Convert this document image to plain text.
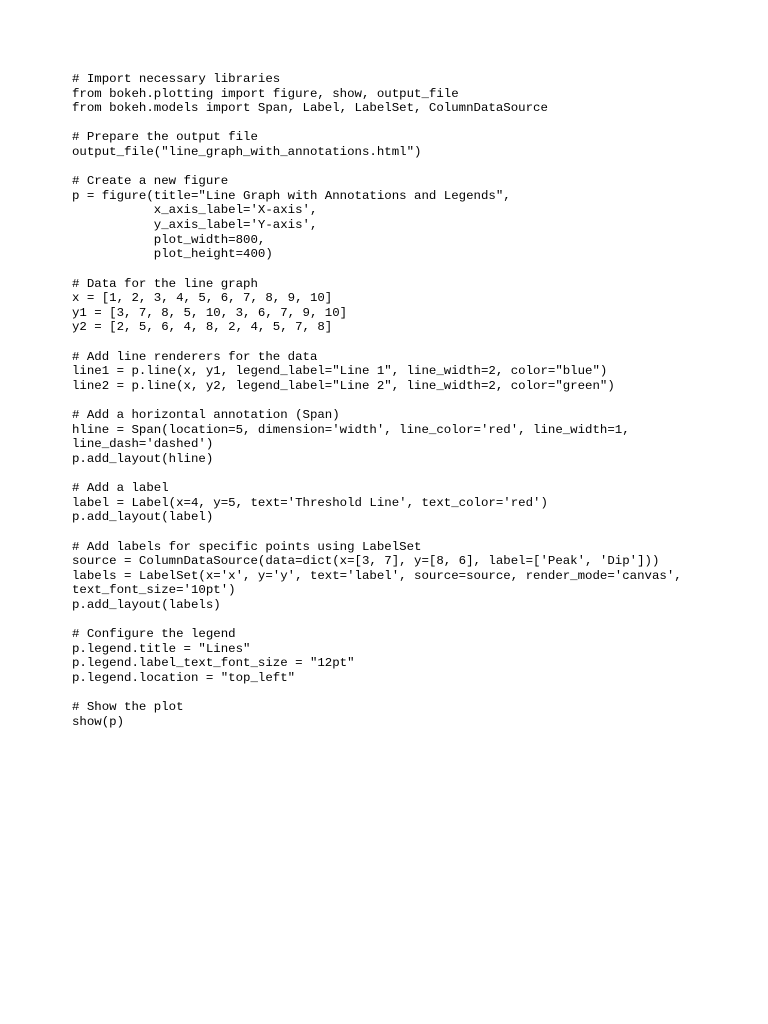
# Import necessary libraries
from bokeh.plotting import figure, show, output_file
from bokeh.models import Span, Label, LabelSet, ColumnDataSource
# Prepare the output file
output_file("line_graph_with_annotations.html")
# Create a new figure
p = figure(title="Line Graph with Annotations and Legends",
x_axis_label='X-axis',
y_axis_label='Y-axis',
plot_width=800,
plot_height=400)
# Data for the line graph
x = [1, 2, 3, 4, 5, 6, 7, 8, 9, 10]
y1 = [3, 7, 8, 5, 10, 3, 6, 7, 9, 10]
y2 = [2, 5, 6, 4, 8, 2, 4, 5, 7, 8]
# Add line renderers for the data
line1 = p.line(x, y1, legend_label="Line 1", line_width=2, color="blue")
line2 = p.line(x, y2, legend_label="Line 2", line_width=2, color="green")
# Add a horizontal annotation (Span)
hline = Span(location=5, dimension='width', line_color='red', line_width=1,
line_dash='dashed')
p.add_layout(hline)
# Add a label
label = Label(x=4, y=5, text='Threshold Line', text_color='red')
p.add_layout(label)
# Add labels for specific points using LabelSet
source = ColumnDataSource(data=dict(x=[3, 7], y=[8, 6], label=['Peak', 'Dip']))
labels = LabelSet(x='x', y='y', text='label', source=source, render_mode='canvas',
text_font_size='10pt')
p.add_layout(labels)
# Configure the legend
p.legend.title = "Lines"
p.legend.label_text_font_size = "12pt"
p.legend.location = "top_left"
# Show the plot
show(p)
